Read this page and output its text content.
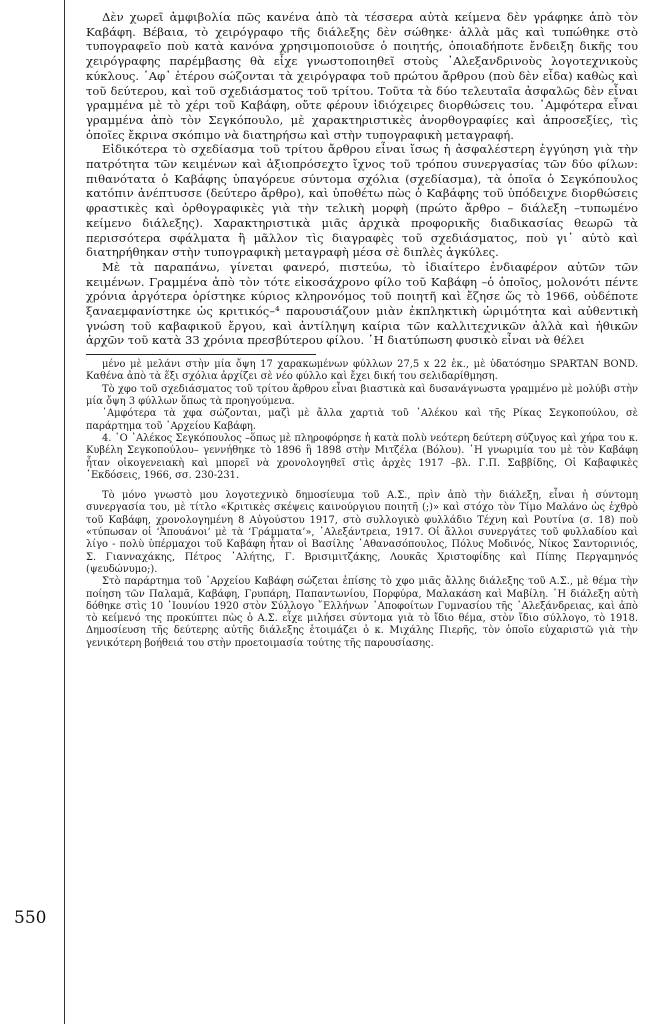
Δὲν χωρεῖ ἀμφιβολία πῶς κανένα ἀπὸ τὰ τέσσερα αὐτὰ κείμενα δὲν γράφηκε ἀπὸ τὸν Καβάφη. Βέβαια, τὸ χειρόγραφο τῆς διάλεξης δὲν σώθηκε· ἀλλὰ μᾶς καὶ τυπώθηκε στὸ τυπογραφεῖο ποὺ κατὰ κανόνα χρησιμοποιοῦσε ὁ ποιητής, ὁποιαδήποτε ἔνδειξη δικῆς του χειρόγραφης παρέμβασης θὰ εἶχε γνωστοποιηθεῖ στοὺς ᾿Αλεξανδρινοὺς λογοτεχνικοὺς κύκλους. ᾿Αφ᾿ ἑτέρου σώζονται τὰ χειρόγραφα τοῦ πρώτου ἄρθρου (ποὺ δὲν εἶδα) καθὼς καὶ τοῦ δεύτερου, καὶ τοῦ σχεδιάσματος τοῦ τρίτου. Τοῦτα τὰ δύο τελευταῖα ἀσφαλῶς δὲν εἶναι γραμμένα μὲ τὸ χέρι τοῦ Καβάφη, οὔτε φέρουν ἰδιόχειρες διορθώσεις του. ᾿Αμφότερα εἶναι γραμμένα ἀπὸ τὸν Σεγκόπουλο, μὲ χαρακτηριστικὲς ἀνορθογραφίες καὶ ἀπροσεξίες, τὶς ὁποῖες ἔκρινα σκόπιμο νὰ διατηρήσω καὶ στὴν τυπογραφικὴ μεταγραφή.

Εἰδικότερα τὸ σχεδίασμα τοῦ τρίτου ἄρθρου εἶναι ἴσως ἡ ἀσφαλέστερη ἐγγύηση γιὰ τὴν πατρότητα τῶν κειμένων καὶ ἀξιοπρόσεχτο ἴχνος τοῦ τρόπου συνεργασίας τῶν δύο φίλων: πιθανότατα ὁ Καβάφης ὑπαγόρευε σύντομα σχόλια (σχεδίασμα), τὰ ὁποῖα ὁ Σεγκόπουλος κατόπιν ἀνέπτυσσε (δεύτερο ἄρθρο), καὶ ὑποθέτω πὼς ὁ Καβάφης τοῦ ὑπόδειχνε διορθώσεις φραστικὲς καὶ ὀρθογραφικὲς γιὰ τὴν τελικὴ μορφὴ (πρώτο ἄρθρο – διάλεξη –τυπωμένο κείμενο διάλεξης). Χαρακτηριστικὰ μιᾶς ἀρχικὰ προφορικῆς διαδικασίας θεωρῶ τὰ περισσότερα σφάλματα ἢ μᾶλλον τὶς διαγραφὲς τοῦ σχεδιάσματος, ποὺ γι᾿ αὐτὸ καὶ διατηρήθηκαν στὴν τυπογραφικὴ μεταγραφὴ μέσα σὲ διπλὲς ἀγκύλες.

Μὲ τὰ παραπάνω, γίνεται φανερό, πιστεύω, τὸ ἰδιαίτερο ἐνδιαφέρον αὐτῶν τῶν κειμένων. Γραμμένα ἀπὸ τὸν τότε εἰκοσάχρονο φίλο τοῦ Καβάφη –ὁ ὁποῖος, μολονότι πέντε χρόνια ἀργότερα ὁρίστηκε κύριος κληρονόμος τοῦ ποιητῆ καὶ ἔζησε ὥς τὸ 1966, οὐδέποτε ξαναεμφανίστηκε ὡς κριτικός–⁴ παρουσιάζουν μιὰν ἐκπληκτικὴ ὡριμότητα καὶ αὐθεντικὴ γνώση τοῦ καβαφικοῦ ἔργου, καὶ ἀντίληψη καίρια τῶν καλλιτεχνικῶν ἀλλὰ καὶ ἠθικῶν ἀρχῶν τοῦ κατὰ 33 χρόνια πρεσβύτερου φίλου. ῾Η διατύπωση φυσικὸ εἶναι νὰ θέλει

μένο μὲ μελάνι στὴν μία ὄψη 17 χαρακωμένων φύλλων 27,5 x 22 ἑκ., μὲ ὑδατόσημο SPARTAN BOND. Καθένα ἀπὸ τὰ ἕξι σχόλια ἀρχίζει σὲ νέο φύλλο καὶ ἔχει δική του σελιδαρίθμηση.

Τὸ χφο τοῦ σχεδιάσματος τοῦ τρίτου ἄρθρου εἶναι βιαστικὰ καὶ δυσανάγνωστα γραμμένο μὲ μολύβι στὴν μία ὄψη 3 φύλλων ὅπως τὰ προηγούμενα.

᾿Αμφότερα τὰ χφα σώζονται, μαζὶ μὲ ἄλλα χαρτιὰ τοῦ ᾿Αλέκου καὶ τῆς Ρίκας Σεγκοπούλου, σὲ παράρτημα τοῦ ᾿Αρχείου Καβάφη.

4. ῾Ο ᾿Αλέκος Σεγκόπουλος –ὅπως μὲ πληροφόρησε ἡ κατὰ πολὺ νεότερη δεύτερη σύζυγος καὶ χήρα του κ. Κυβέλη Σεγκοπούλου– γεννήθηκε τὸ 1896 ἢ 1898 στὴν Μιτζέλα (Βόλου). ῾Η γνωριμία του μὲ τὸν Καβάφη ἦταν οἰκογενειακὴ καὶ μπορεῖ νὰ χρονολογηθεῖ στὶς ἀρχὲς 1917 –βλ. Γ.Π. Σαββίδης, Οἱ Καβαφικὲς ᾿Εκδόσεις, 1966, σσ. 230-231.

Τὸ μόνο γνωστὸ μου λογοτεχνικὸ δημοσίευμα τοῦ Α.Σ., πρὶν ἀπὸ τὴν διάλεξη, εἶναι ἡ σύντομη συνεργασία του, μὲ τίτλο «Κριτικὲς σκέψεις καινούργιου ποιητῆ (;)» καὶ στόχο τὸν Τίμο Μαλάνο ὡς ἐχθρὸ τοῦ Καβάφη, χρονολογημένη 8 Αὐγούστου 1917, στὸ συλλογικὸ φυλλάδιο Τέχνη καὶ Ρουτίνα (σ. 18) ποὺ «τύπωσαν οἱ ‘Ἀπουάνοι’ μὲ τὰ ‘Γράμματα’», ᾿Αλεξάντρεια, 1917. Οἱ ἄλλοι συνεργάτες τοῦ φυλλαδίου καὶ λίγο - πολὺ ὑπέρμαχοι τοῦ Καβάφη ἦταν οἱ Βασίλης ᾿Αθανασόπουλος, Πόλυς Μοδινός, Νίκος Σαντορινιός, Σ. Γιανναχάκης, Πέτρος ᾿Αλήτης, Γ. Βρισιμιτζάκης, Λουκᾶς Χριστοφίδης καὶ Πίπης Περγαμηνός (ψευδώνυμο;).

Στὸ παράρτημα τοῦ ᾿Αρχείου Καβάφη σώζεται ἐπίσης τὸ χφο μιᾶς ἄλλης διάλεξης τοῦ Α.Σ., μὲ θέμα τὴν ποίηση τῶν Παλαμᾶ, Καβάφη, Γρυπάρη, Παπαντωνίου, Πορφύρα, Μαλακάση καὶ Μαβίλη. ῾Η διάλεξη αὐτὴ δόθηκε στὶς 10 ᾿Ιουνίου 1920 στὸν Σύλλογο ῞Ελλήνων ᾿Αποφοίτων Γυμνασίου τῆς ᾿Αλεξάνδρειας, καὶ ἀπὸ τὸ κείμενό της προκύπτει πὼς ὁ Α.Σ. εἶχε μιλήσει σύντομα γιὰ τὸ ἴδιο θέμα, στὸν ἴδιο σύλλογο, τὸ 1918. Δημοσίευση τῆς δεύτερης αὐτῆς διάλεξης ἑτοιμάζει ὁ κ. Μιχάλης Πιερῆς, τὸν ὁποῖο εὐχαριστῶ γιὰ τὴν γενικότερη βοήθειά του στὴν προετοιμασία τούτης τῆς παρουσίασης.

550
